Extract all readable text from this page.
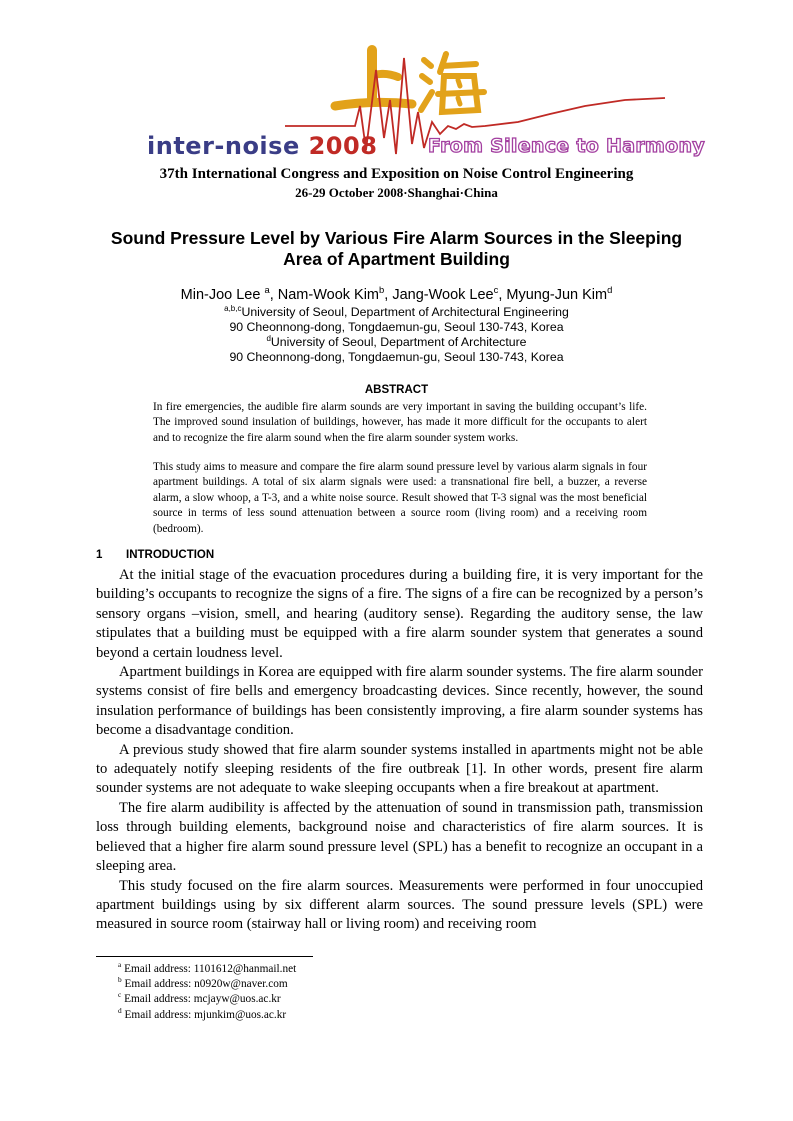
inter-noise 2008	From Silence to Harmony
37th International Congress and Exposition on Noise Control Engineering
26-29 October 2008·Shanghai·China
Sound Pressure Level by Various Fire Alarm Sources in the Sleeping Area of Apartment Building
Min-Joo Lee $^a$, Nam-Wook Kim$^b$, Jang-Wook Lee$^c$, Myung-Jun Kim$^d$
$^{a,b,c}$University of Seoul, Department of Architectural Engineering
90 Cheonnong-dong, Tongdaemun-gu, Seoul 130-743, Korea
$^d$University of Seoul, Department of Architecture
90 Cheonnong-dong, Tongdaemun-gu, Seoul 130-743, Korea
ABSTRACT
In fire emergencies, the audible fire alarm sounds are very important in saving the building occupant’s life. The improved sound insulation of buildings, however, has made it more difficult for the occupants to alert and to recognize the fire alarm sound when the fire alarm sounder system works.
This study aims to measure and compare the fire alarm sound pressure level by various alarm signals in four apartment buildings. A total of six alarm signals were used: a transnational fire bell, a buzzer, a reverse alarm, a slow whoop, a T-3, and a white noise source. Result showed that T-3 signal was the most beneficial source in terms of less sound attenuation between a source room (living room) and a receiving room (bedroom).
1 INTRODUCTION

At the initial stage of the evacuation procedures during a building fire, it is very important for the building’s occupants to recognize the signs of a fire. The signs of a fire can be recognized by a person’s sensory organs –vision, smell, and hearing (auditory sense). Regarding the auditory sense, the law stipulates that a building must be equipped with a fire alarm sounder system that generates a sound beyond a certain loudness level.

Apartment buildings in Korea are equipped with fire alarm sounder systems. The fire alarm sounder systems consist of fire bells and emergency broadcasting devices. Since recently, however, the sound insulation performance of buildings has been consistently improving, a fire alarm sounder systems has become a disadvantage condition.

A previous study showed that fire alarm sounder systems installed in apartments might not be able to adequately notify sleeping residents of the fire outbreak [1]. In other words, present fire alarm sounder systems are not adequate to wake sleeping occupants when a fire breakout at apartment.

The fire alarm audibility is affected by the attenuation of sound in transmission path, transmission loss through building elements, background noise and characteristics of fire alarm sources. It is believed that a higher fire alarm sound pressure level (SPL) has a benefit to recognize an occupant in a sleeping area.

This study focused on the fire alarm sources. Measurements were performed in four unoccupied apartment buildings using by six different alarm sources. The sound pressure levels (SPL) were measured in source room (stairway hall or living room) and receiving room

$^a$ Email address: 1101612@hanmail.net
$^b$ Email address: n0920w@naver.com
$^c$ Email address: mcjayw@uos.ac.kr
$^d$ Email address: mjunkim@uos.ac.kr
